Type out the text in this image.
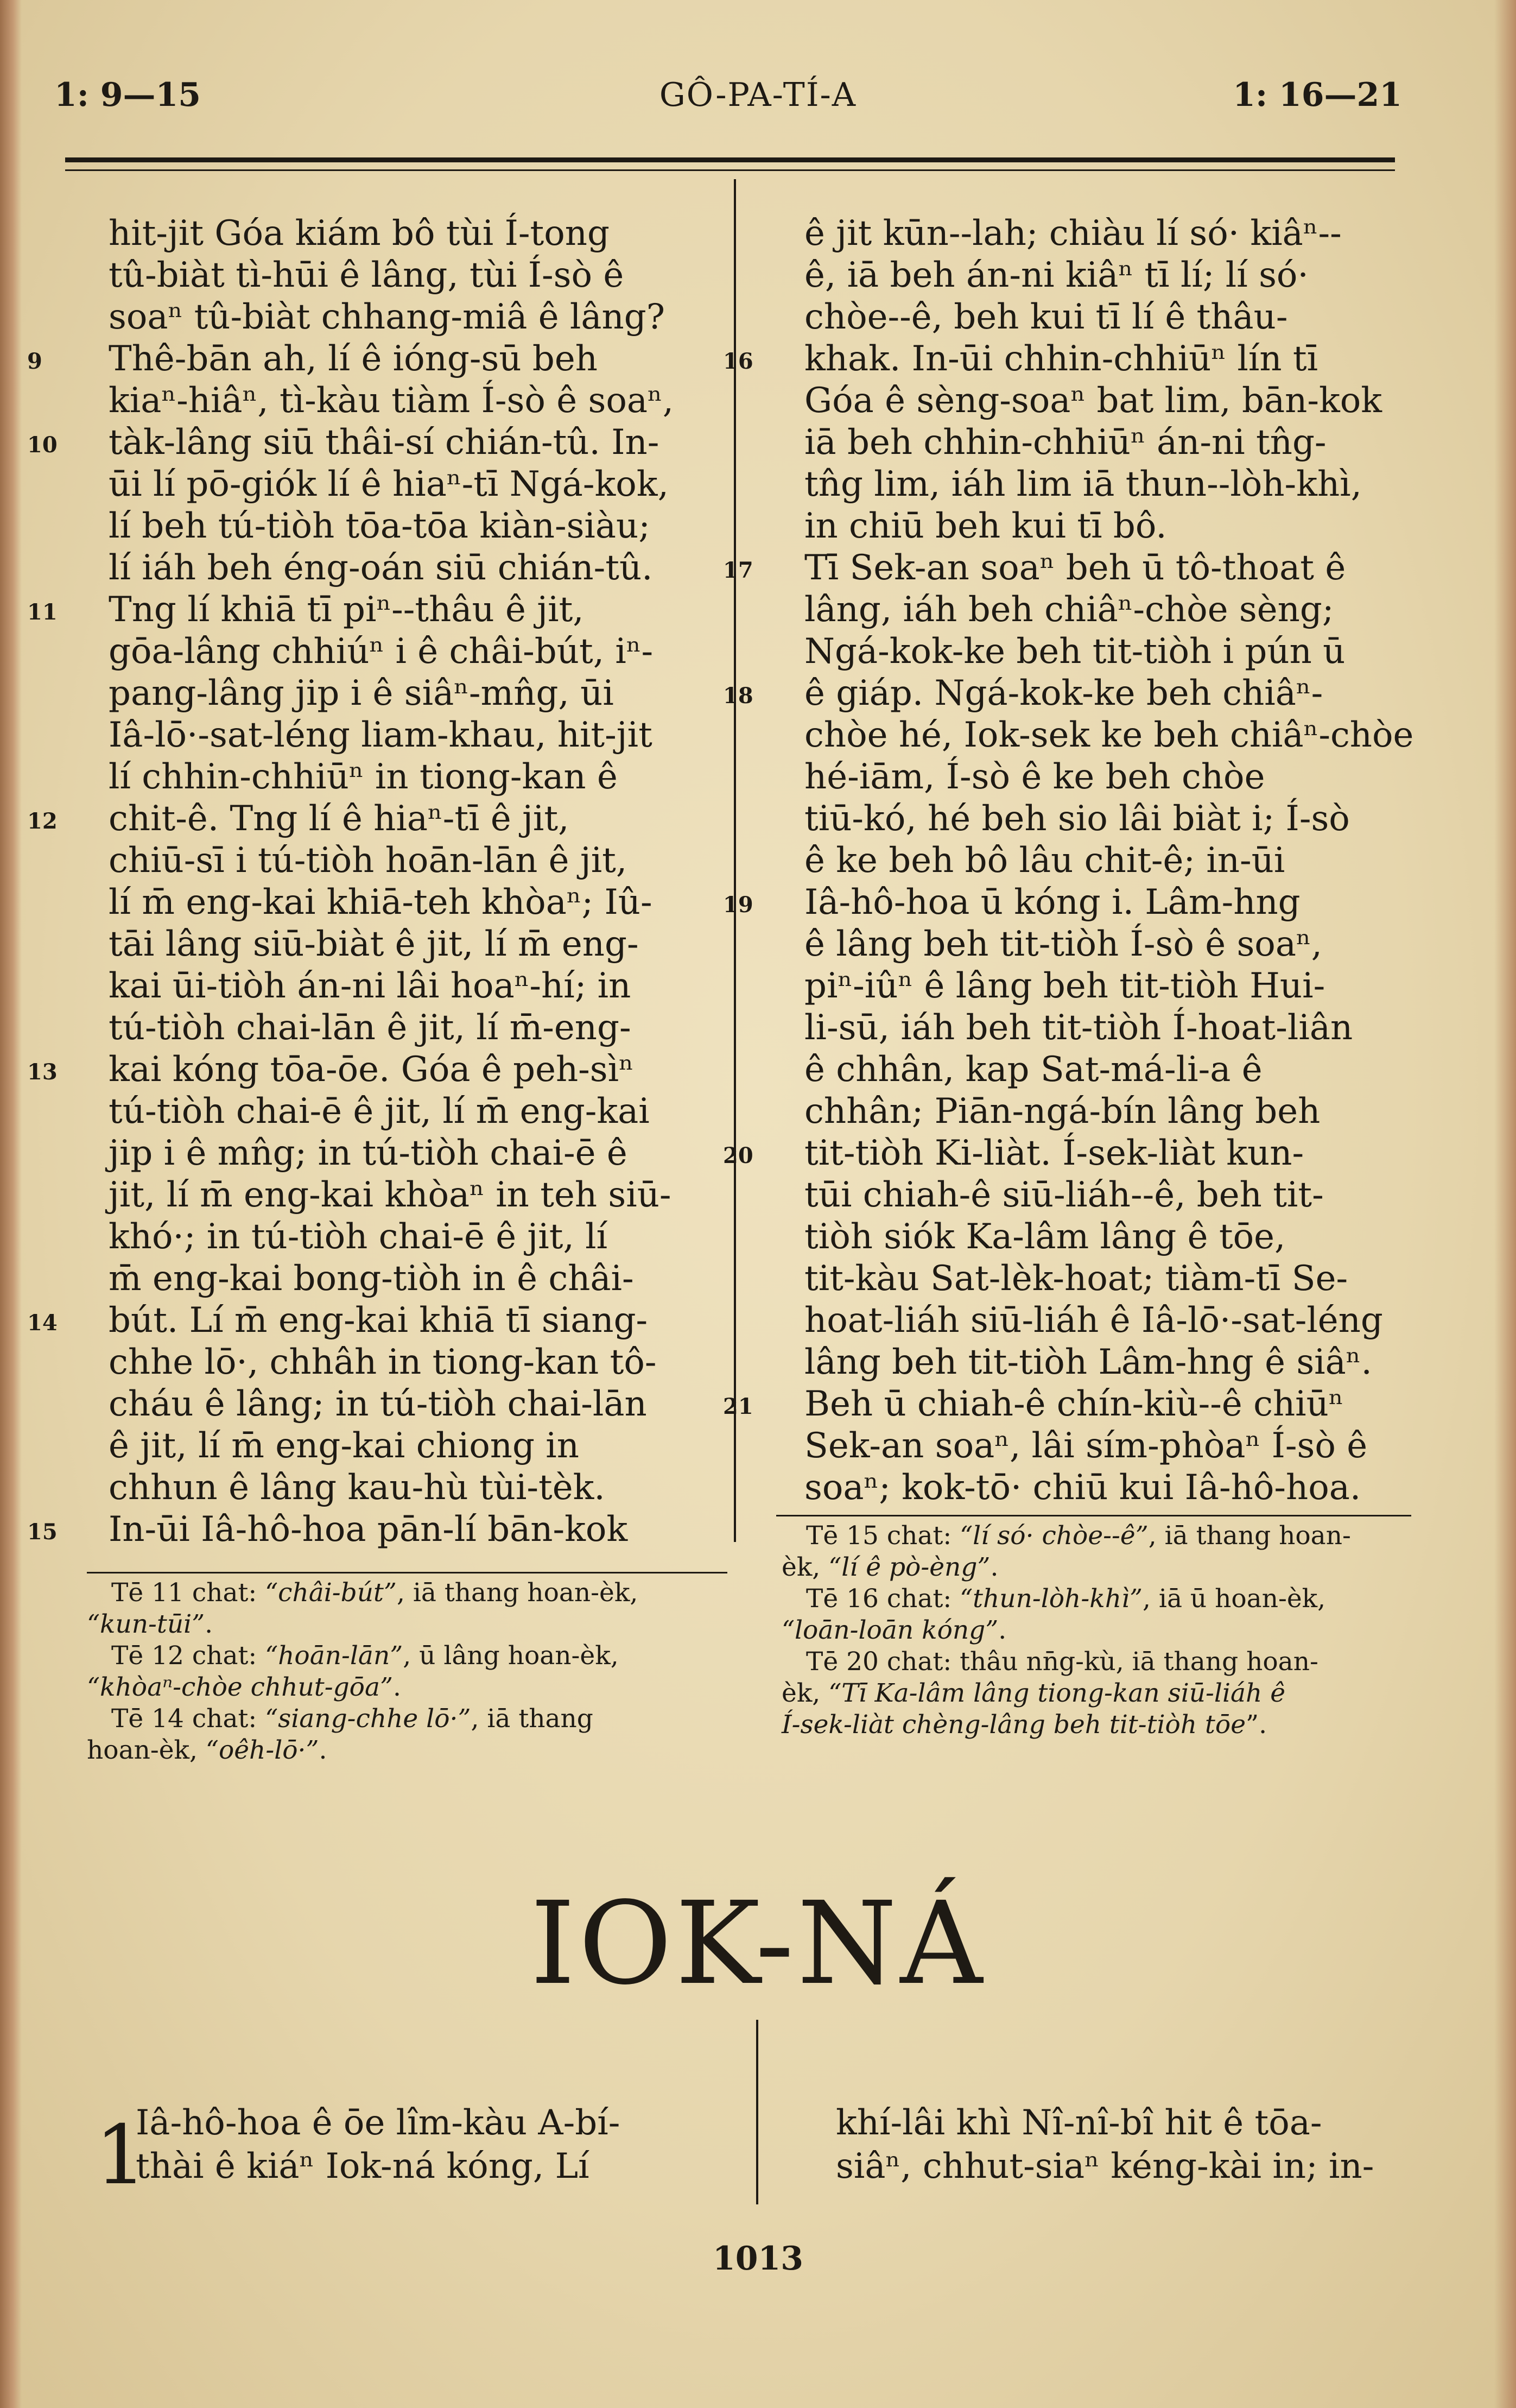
GÔ-PA-TÍ-A
1: 9—15	1: 16—21
hit-jit Góa kiám bô tùi Í-tong
tû-biàt tì-hūi ê lâng, tùi Í-sò ê
soaⁿ tû-biàt chhang-miâ ê lâng?
9 Thê-bān ah, lí ê ióng-sū beh
kiaⁿ-hiâⁿ, tì-kàu tiàm Í-sò ê soaⁿ,
10 tàk-lâng siū thâi-sí chián-tû. In-
ūi lí pō-giók lí ê hiaⁿ-tī Ngá-kok,
lí beh tú-tiòh tōa-tōa kiàn-siàu;
lí iáh beh éng-oán siū chián-tû.
11 Tng lí khiā tī piⁿ--thâu ê jit,
gōa-lâng chhiúⁿ i ê châi-bút, iⁿ-
pang-lâng jip i ê siâⁿ-mn̂g, ūi
Iâ-lō·-sat-léng liam-khau, hit-jit
lí chhin-chhiūⁿ in tiong-kan ê
12 chit-ê. Tng lí ê hiaⁿ-tī ê jit,
chiū-sī i tú-tiòh hoān-lān ê jit,
lí m̄ eng-kai khiā-teh khòaⁿ; Iû-
tāi lâng siū-biàt ê jit, lí m̄ eng-
kai ūi-tiòh án-ni lâi hoaⁿ-hí; in
tú-tiòh chai-lān ê jit, lí m̄-eng-
13 kai kóng tōa-ōe. Góa ê peh-sìⁿ
tú-tiòh chai-ē ê jit, lí m̄ eng-kai
jip i ê mn̂g; in tú-tiòh chai-ē ê
jit, lí m̄ eng-kai khòaⁿ in teh siū-
khó·; in tú-tiòh chai-ē ê jit, lí
m̄ eng-kai bong-tiòh in ê châi-
14 bút. Lí m̄ eng-kai khiā tī siang-
chhe lō·, chhâh in tiong-kan tô-
cháu ê lâng; in tú-tiòh chai-lān
ê jit, lí m̄ eng-kai chiong in
chhun ê lâng kau-hù tùi-tèk.
15 In-ūi Iâ-hô-hoa pān-lí bān-kok
ê jit kūn--lah; chiàu lí só· kiâⁿ--
ê, iā beh án-ni kiâⁿ tī lí; lí só·
chòe--ê, beh kui tī lí ê thâu-
16 khak. In-ūi chhin-chhiūⁿ lín tī
Góa ê sèng-soaⁿ bat lim, bān-kok
iā beh chhin-chhiūⁿ án-ni tn̂g-
tn̂g lim, iáh lim iā thun--lòh-khì,
in chiū beh kui tī bô.
17 Tī Sek-an soaⁿ beh ū tô-thoat ê
lâng, iáh beh chiâⁿ-chòe sèng;
Ngá-kok-ke beh tit-tiòh i pún ū
18 ê giáp. Ngá-kok-ke beh chiâⁿ-
chòe hé, Iok-sek ke beh chiâⁿ-chòe
hé-iām, Í-sò ê ke beh chòe
tiū-kó, hé beh sio lâi biàt i; Í-sò
ê ke beh bô lâu chit-ê; in-ūi
19 Iâ-hô-hoa ū kóng i. Lâm-hng
ê lâng beh tit-tiòh Í-sò ê soaⁿ,
piⁿ-iûⁿ ê lâng beh tit-tiòh Hui-
li-sū, iáh beh tit-tiòh Í-hoat-liân
ê chhân, kap Sat-má-li-a ê
chhân; Piān-ngá-bín lâng beh
20 tit-tiòh Ki-liàt. Í-sek-liàt kun-
tūi chiah-ê siū-liáh--ê, beh tit-
tiòh siók Ka-lâm lâng ê tōe,
tit-kàu Sat-lèk-hoat; tiàm-tī Se-
hoat-liáh siū-liáh ê Iâ-lō·-sat-léng
lâng beh tit-tiòh Lâm-hng ê siâⁿ.
21 Beh ū chiah-ê chín-kiù--ê chiūⁿ
Sek-an soaⁿ, lâi sím-phòaⁿ Í-sò ê
soaⁿ; kok-tō· chiū kui Iâ-hô-hoa.
Tē 11 chat: “châi-bút”, iā thang hoan-èk,
“kun-tūi”.
Tē 12 chat: “hoān-lān”, ū lâng hoan-èk,
“khòaⁿ-chòe chhut-gōa”.
Tē 14 chat: “siang-chhe lō·”, iā thang
hoan-èk, “oêh-lō·”.
Tē 15 chat: “lí só· chòe--ê”, iā thang hoan-
èk, “lí ê pò-èng”.
Tē 16 chat: “thun-lòh-khì”, iā ū hoan-èk,
“loān-loān kóng”.
Tē 20 chat: thâu nn̄g-kù, iā thang hoan-
èk, “Tī Ka-lâm lâng tiong-kan siū-liáh ê
Í-sek-liàt chèng-lâng beh tit-tiòh tōe”.
IOK-NÁ
1
Iâ-hô-hoa ê ōe lîm-kàu A-bí-
thài ê kiáⁿ Iok-ná kóng, Lí
khí-lâi khì Nî-nî-bî hit ê tōa-
siâⁿ, chhut-siaⁿ kéng-kài in; in-
1013
